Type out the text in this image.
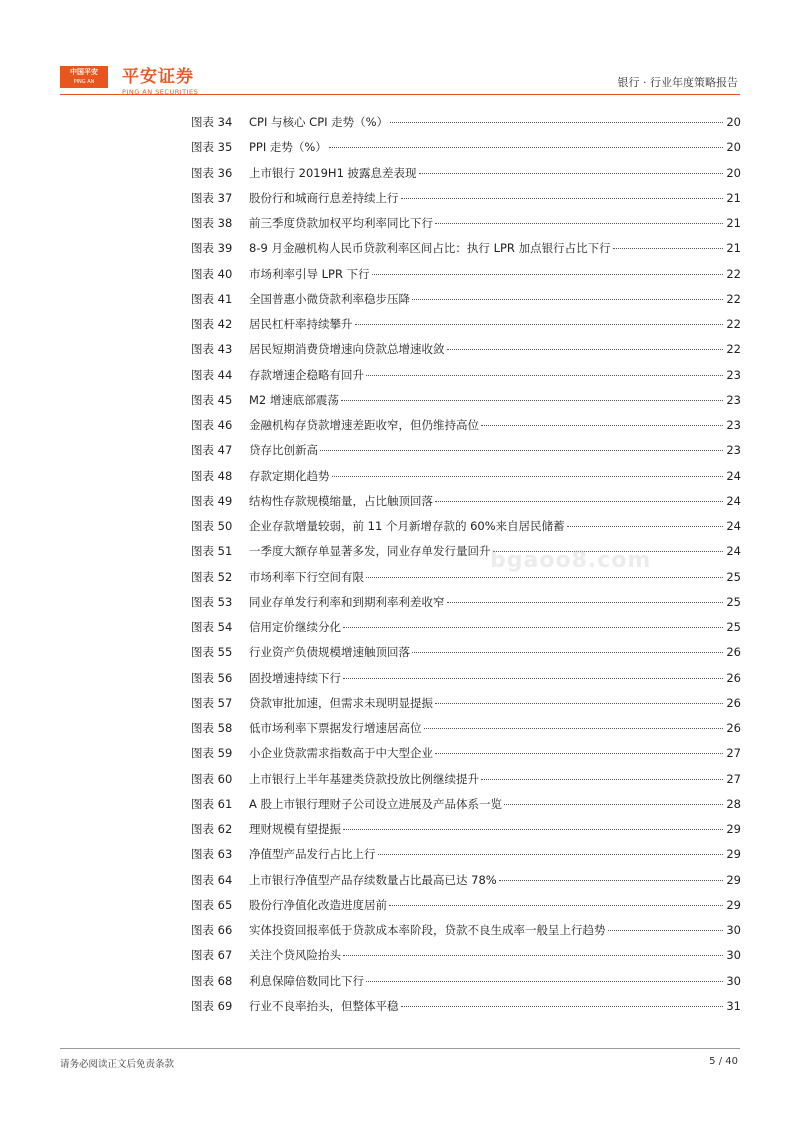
中国平安
PING AN	平安证券
PING AN SECURITIES
银行 · 行业年度策略报告
图表 34	CPI 与核心 CPI 走势（%）	20
图表 35	PPI 走势（%）	20
图表 36	上市银行 2019H1 披露息差表现	20
图表 37	股份行和城商行息差持续上行	21
图表 38	前三季度贷款加权平均利率同比下行	21
图表 39	8-9 月金融机构人民币贷款利率区间占比：执行 LPR 加点银行占比下行	21
图表 40	市场利率引导 LPR 下行	22
图表 41	全国普惠小微贷款利率稳步压降	22
图表 42	居民杠杆率持续攀升	22
图表 43	居民短期消费贷增速向贷款总增速收敛	22
图表 44	存款增速企稳略有回升	23
图表 45	M2 增速底部震荡	23
图表 46	金融机构存贷款增速差距收窄，但仍维持高位	23
图表 47	贷存比创新高	23
图表 48	存款定期化趋势	24
图表 49	结构性存款规模缩量，占比触顶回落	24
图表 50	企业存款增量较弱，前 11 个月新增存款的 60%来自居民储蓄	24
图表 51	一季度大额存单显著多发，同业存单发行量回升	24
图表 52	市场利率下行空间有限	25
图表 53	同业存单发行利率和到期利率利差收窄	25
图表 54	信用定价继续分化	25
图表 55	行业资产负债规模增速触顶回落	26
图表 56	固投增速持续下行	26
图表 57	贷款审批加速，但需求未现明显提振	26
图表 58	低市场利率下票据发行增速居高位	26
图表 59	小企业贷款需求指数高于中大型企业	27
图表 60	上市银行上半年基建类贷款投放比例继续提升	27
图表 61	A 股上市银行理财子公司设立进展及产品体系一览	28
图表 62	理财规模有望提振	29
图表 63	净值型产品发行占比上行	29
图表 64	上市银行净值型产品存续数量占比最高已达 78%	29
图表 65	股份行净值化改造进度居前	29
图表 66	实体投资回报率低于贷款成本率阶段，贷款不良生成率一般呈上行趋势	30
图表 67	关注个贷风险抬头	30
图表 68	利息保障倍数同比下行	30
图表 69	行业不良率抬头，但整体平稳	31
bgaoo8.com
请务必阅读正文后免责条款	5 / 40
